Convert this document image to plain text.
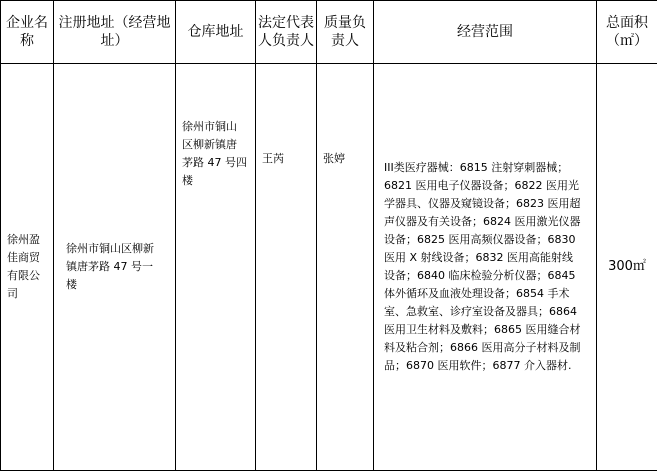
企业名称	注册地址（经营地址）	仓库地址	法定代表人负责人	质量负责人	经营范围	总面积（㎡）
徐州盈佳商贸有限公司	徐州市铜山区柳新镇唐茅路 47 号一楼	徐州市铜山区柳新镇唐茅路 47 号四楼	王芮	张婷	III类医疗器械：6815 注射穿刺器械；6821 医用电子仪器设备；6822 医用光学器具、仪器及窥镜设备；6823 医用超声仪器及有关设备；6824 医用激光仪器设备；6825 医用高频仪器设备；6830 医用 X 射线设备；6832 医用高能射线设备；6840 临床检验分析仪器；6845 体外循环及血液处理设备；6854 手术室、急救室、诊疗室设备及器具；6864 医用卫生材料及敷料；6865 医用缝合材料及粘合剂；6866 医用高分子材料及制品；6870 医用软件；6877 介入器材.	300㎡
